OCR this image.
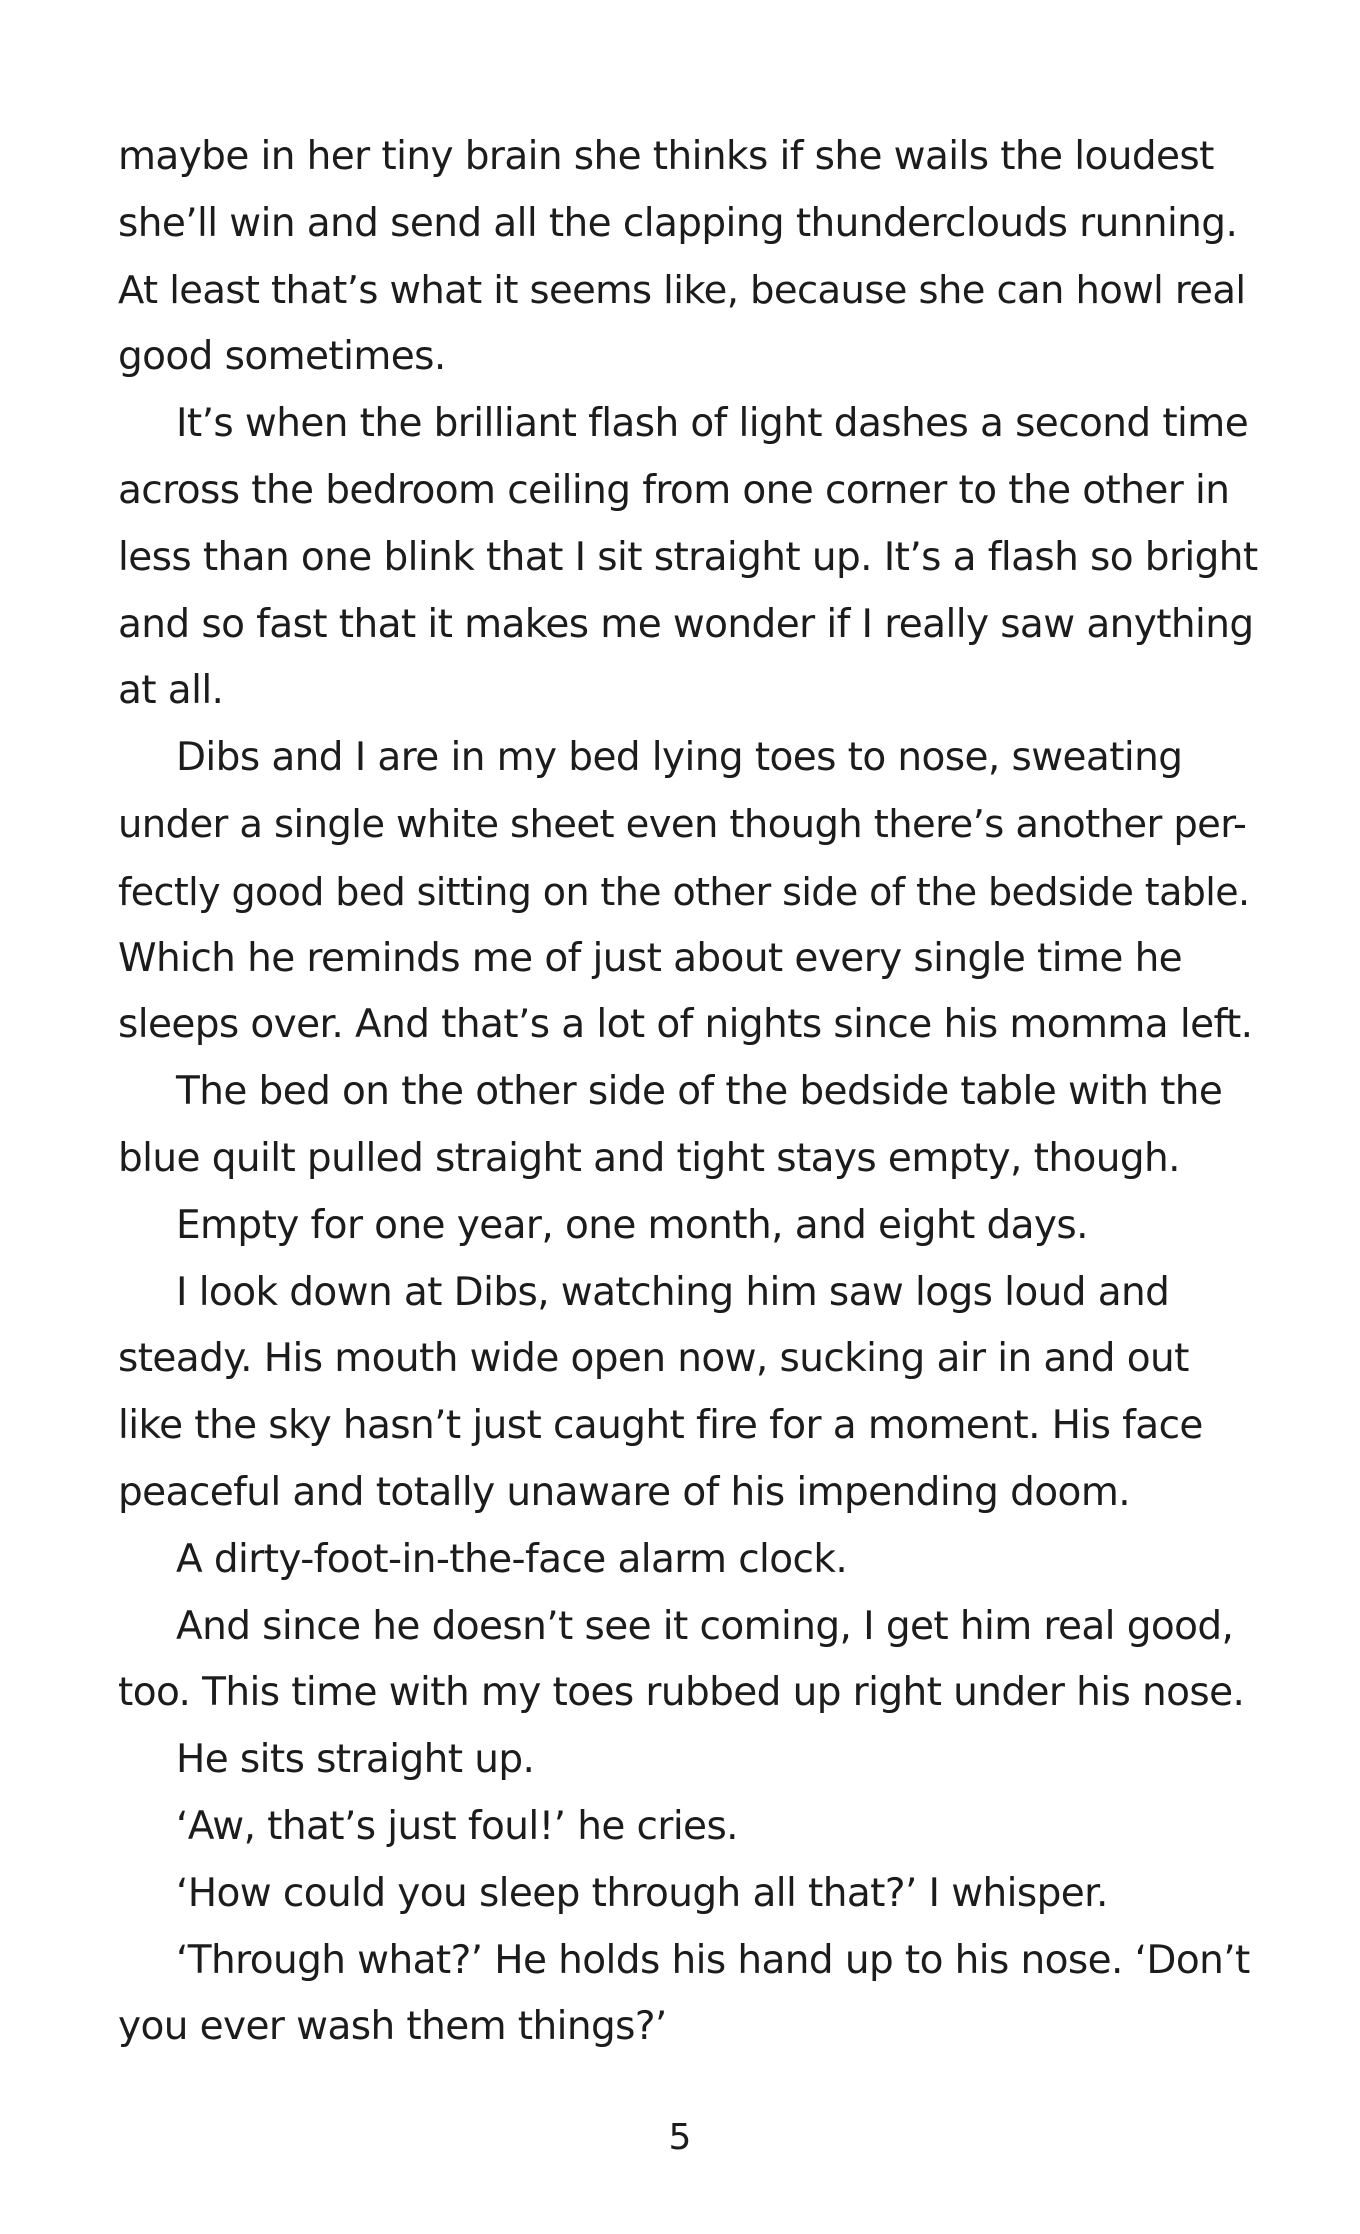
maybe in her tiny brain she thinks if she wails the loudest
she’ll win and send all the clapping thunderclouds running.
At least that’s what it seems like, because she can howl real
good sometimes.
It’s when the brilliant flash of light dashes a second time
across the bedroom ceiling from one corner to the other in
less than one blink that I sit straight up. It’s a flash so bright
and so fast that it makes me wonder if I really saw anything
at all.
Dibs and I are in my bed lying toes to nose, sweating
under a single white sheet even though there’s another per-
fectly good bed sitting on the other side of the bedside table.
Which he reminds me of just about every single time he
sleeps over. And that’s a lot of nights since his momma left.
The bed on the other side of the bedside table with the
blue quilt pulled straight and tight stays empty, though.
Empty for one year, one month, and eight days.
I look down at Dibs, watching him saw logs loud and
steady. His mouth wide open now, sucking air in and out
like the sky hasn’t just caught fire for a moment. His face
peaceful and totally unaware of his impending doom.
A dirty-foot-in-the-face alarm clock.
And since he doesn’t see it coming, I get him real good,
too. This time with my toes rubbed up right under his nose.
He sits straight up.
‘Aw, that’s just foul!’ he cries.
‘How could you sleep through all that?’ I whisper.
‘Through what?’ He holds his hand up to his nose. ‘Don’t
you ever wash them things?’
5
